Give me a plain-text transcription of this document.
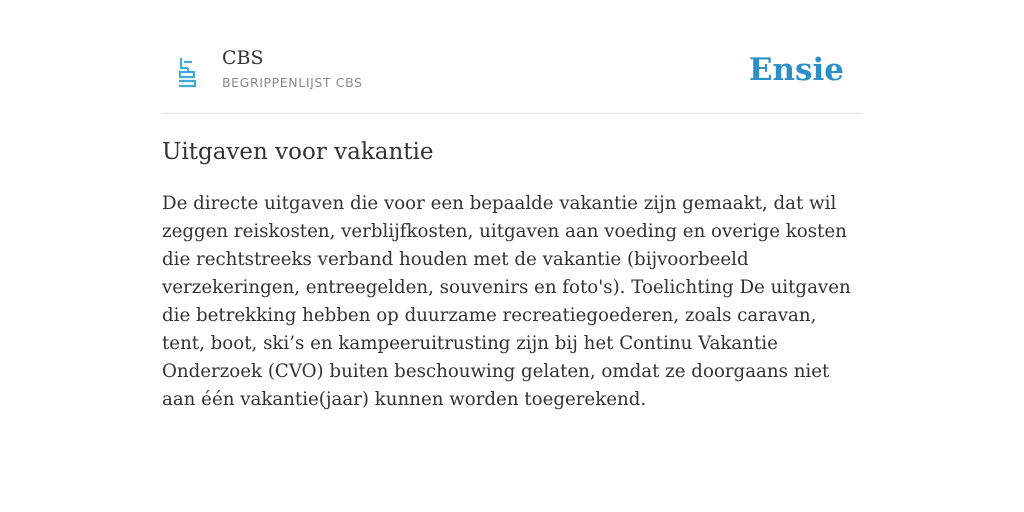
CBS
BEGRIPPENLIJST CBS	Ensie
Uitgaven voor vakantie

De directe uitgaven die voor een bepaalde vakantie zijn gemaakt, dat wil zeggen reiskosten, verblijfkosten, uitgaven aan voeding en overige kosten die rechtstreeks verband houden met de vakantie (bijvoorbeeld verzekeringen, entreegelden, souvenirs en foto's). Toelichting De uitgaven die betrekking hebben op duurzame recreatiegoederen, zoals caravan, tent, boot, ski’s en kampeeruitrusting zijn bij het Continu Vakantie Onderzoek (CVO) buiten beschouwing gelaten, omdat ze doorgaans niet aan één vakantie(jaar) kunnen worden toegerekend.
